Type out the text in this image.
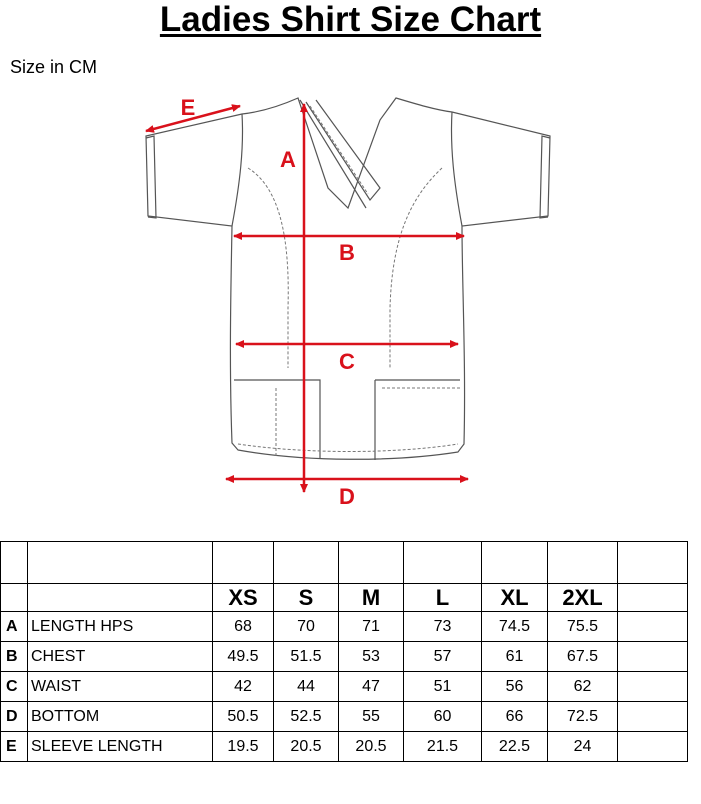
Ladies Shirt Size Chart
Size in CM
A
B
C
D
E

		XS	S	M	L	XL	2XL	
A	LENGTH HPS	68	70	71	73	74.5	75.5	
B	CHEST	49.5	51.5	53	57	61	67.5	
C	WAIST	42	44	47	51	56	62	
D	BOTTOM	50.5	52.5	55	60	66	72.5	
E	SLEEVE LENGTH	19.5	20.5	20.5	21.5	22.5	24	
